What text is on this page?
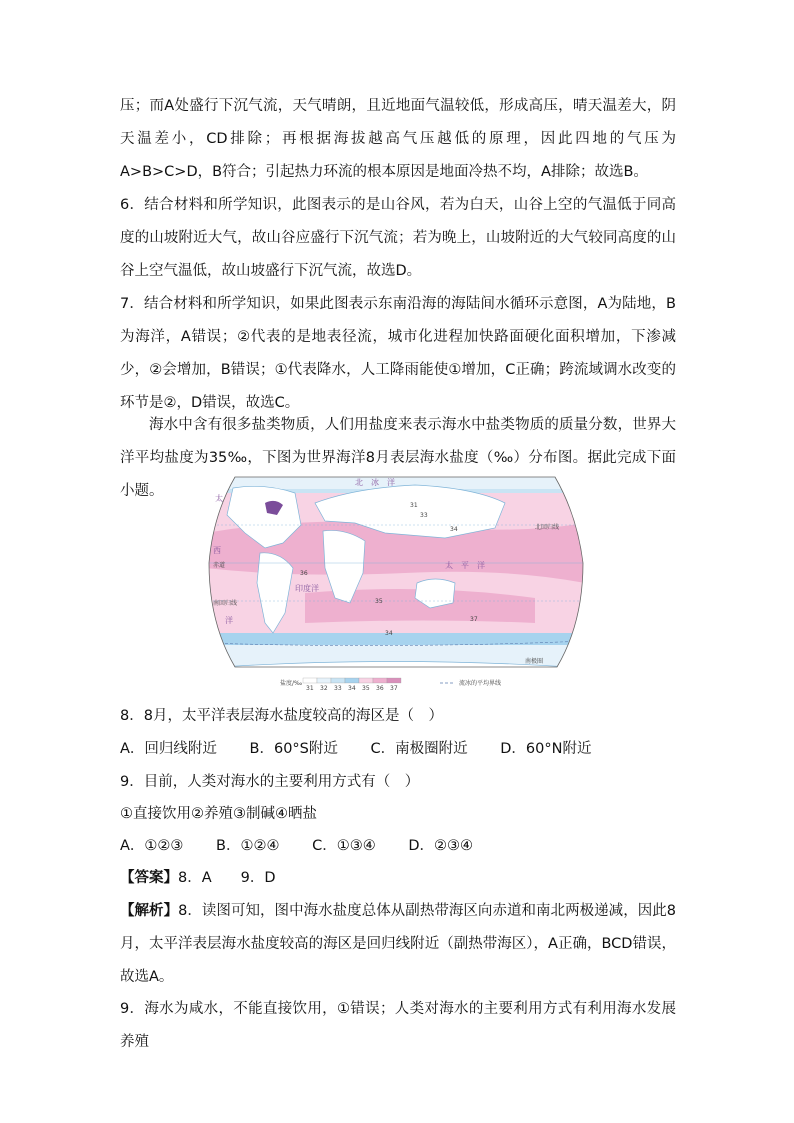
压；而A处盛行下沉气流，天气晴朗，且近地面气温较低，形成高压，晴天温差大，阴天温差小，CD排除；再根据海拔越高气压越低的原理，因此四地的气压为A>B>C>D，B符合；引起热力环流的根本原因是地面冷热不均，A排除；故选B。

6．结合材料和所学知识，此图表示的是山谷风，若为白天，山谷上空的气温低于同高度的山坡附近大气，故山谷应盛行下沉气流；若为晚上，山坡附近的大气较同高度的山谷上空气温低，故山坡盛行下沉气流，故选D。

7．结合材料和所学知识，如果此图表示东南沿海的海陆间水循环示意图，A为陆地，B为海洋，A错误；②代表的是地表径流，城市化进程加快路面硬化面积增加，下渗减少，②会增加，B错误；①代表降水，人工降雨能使①增加，C正确；跨流域调水改变的环节是②，D错误，故选C。

海水中含有很多盐类物质，人们用盐度来表示海水中盐类物质的质量分数，世界大洋平均盐度为35‰，下图为世界海洋8月表层海水盐度（‰）分布图。据此完成下面小题。

北　冰　洋
太　平　洋
印度洋
太
西
洋
赤道
南回归线
北回归线
南极圈
31
33
34
35
36
37
34
盐度/‰
31 32 33 34 35 36 37
流冰的平均界线

8．8月，太平洋表层海水盐度较高的海区是（　）

A．回归线附近 B．60°S附近 C．南极圈附近 D．60°N附近

9．目前，人类对海水的主要利用方式有（　）

①直接饮用②养殖③制碱④晒盐

A．①②③ B．①②④ C．①③④ D．②③④

【答案】8．A　　9．D

【解析】8．读图可知，图中海水盐度总体从副热带海区向赤道和南北两极递减，因此8月，太平洋表层海水盐度较高的海区是回归线附近（副热带海区），A正确，BCD错误，故选A。

9．海水为咸水，不能直接饮用，①错误；人类对海水的主要利用方式有利用海水发展养殖
